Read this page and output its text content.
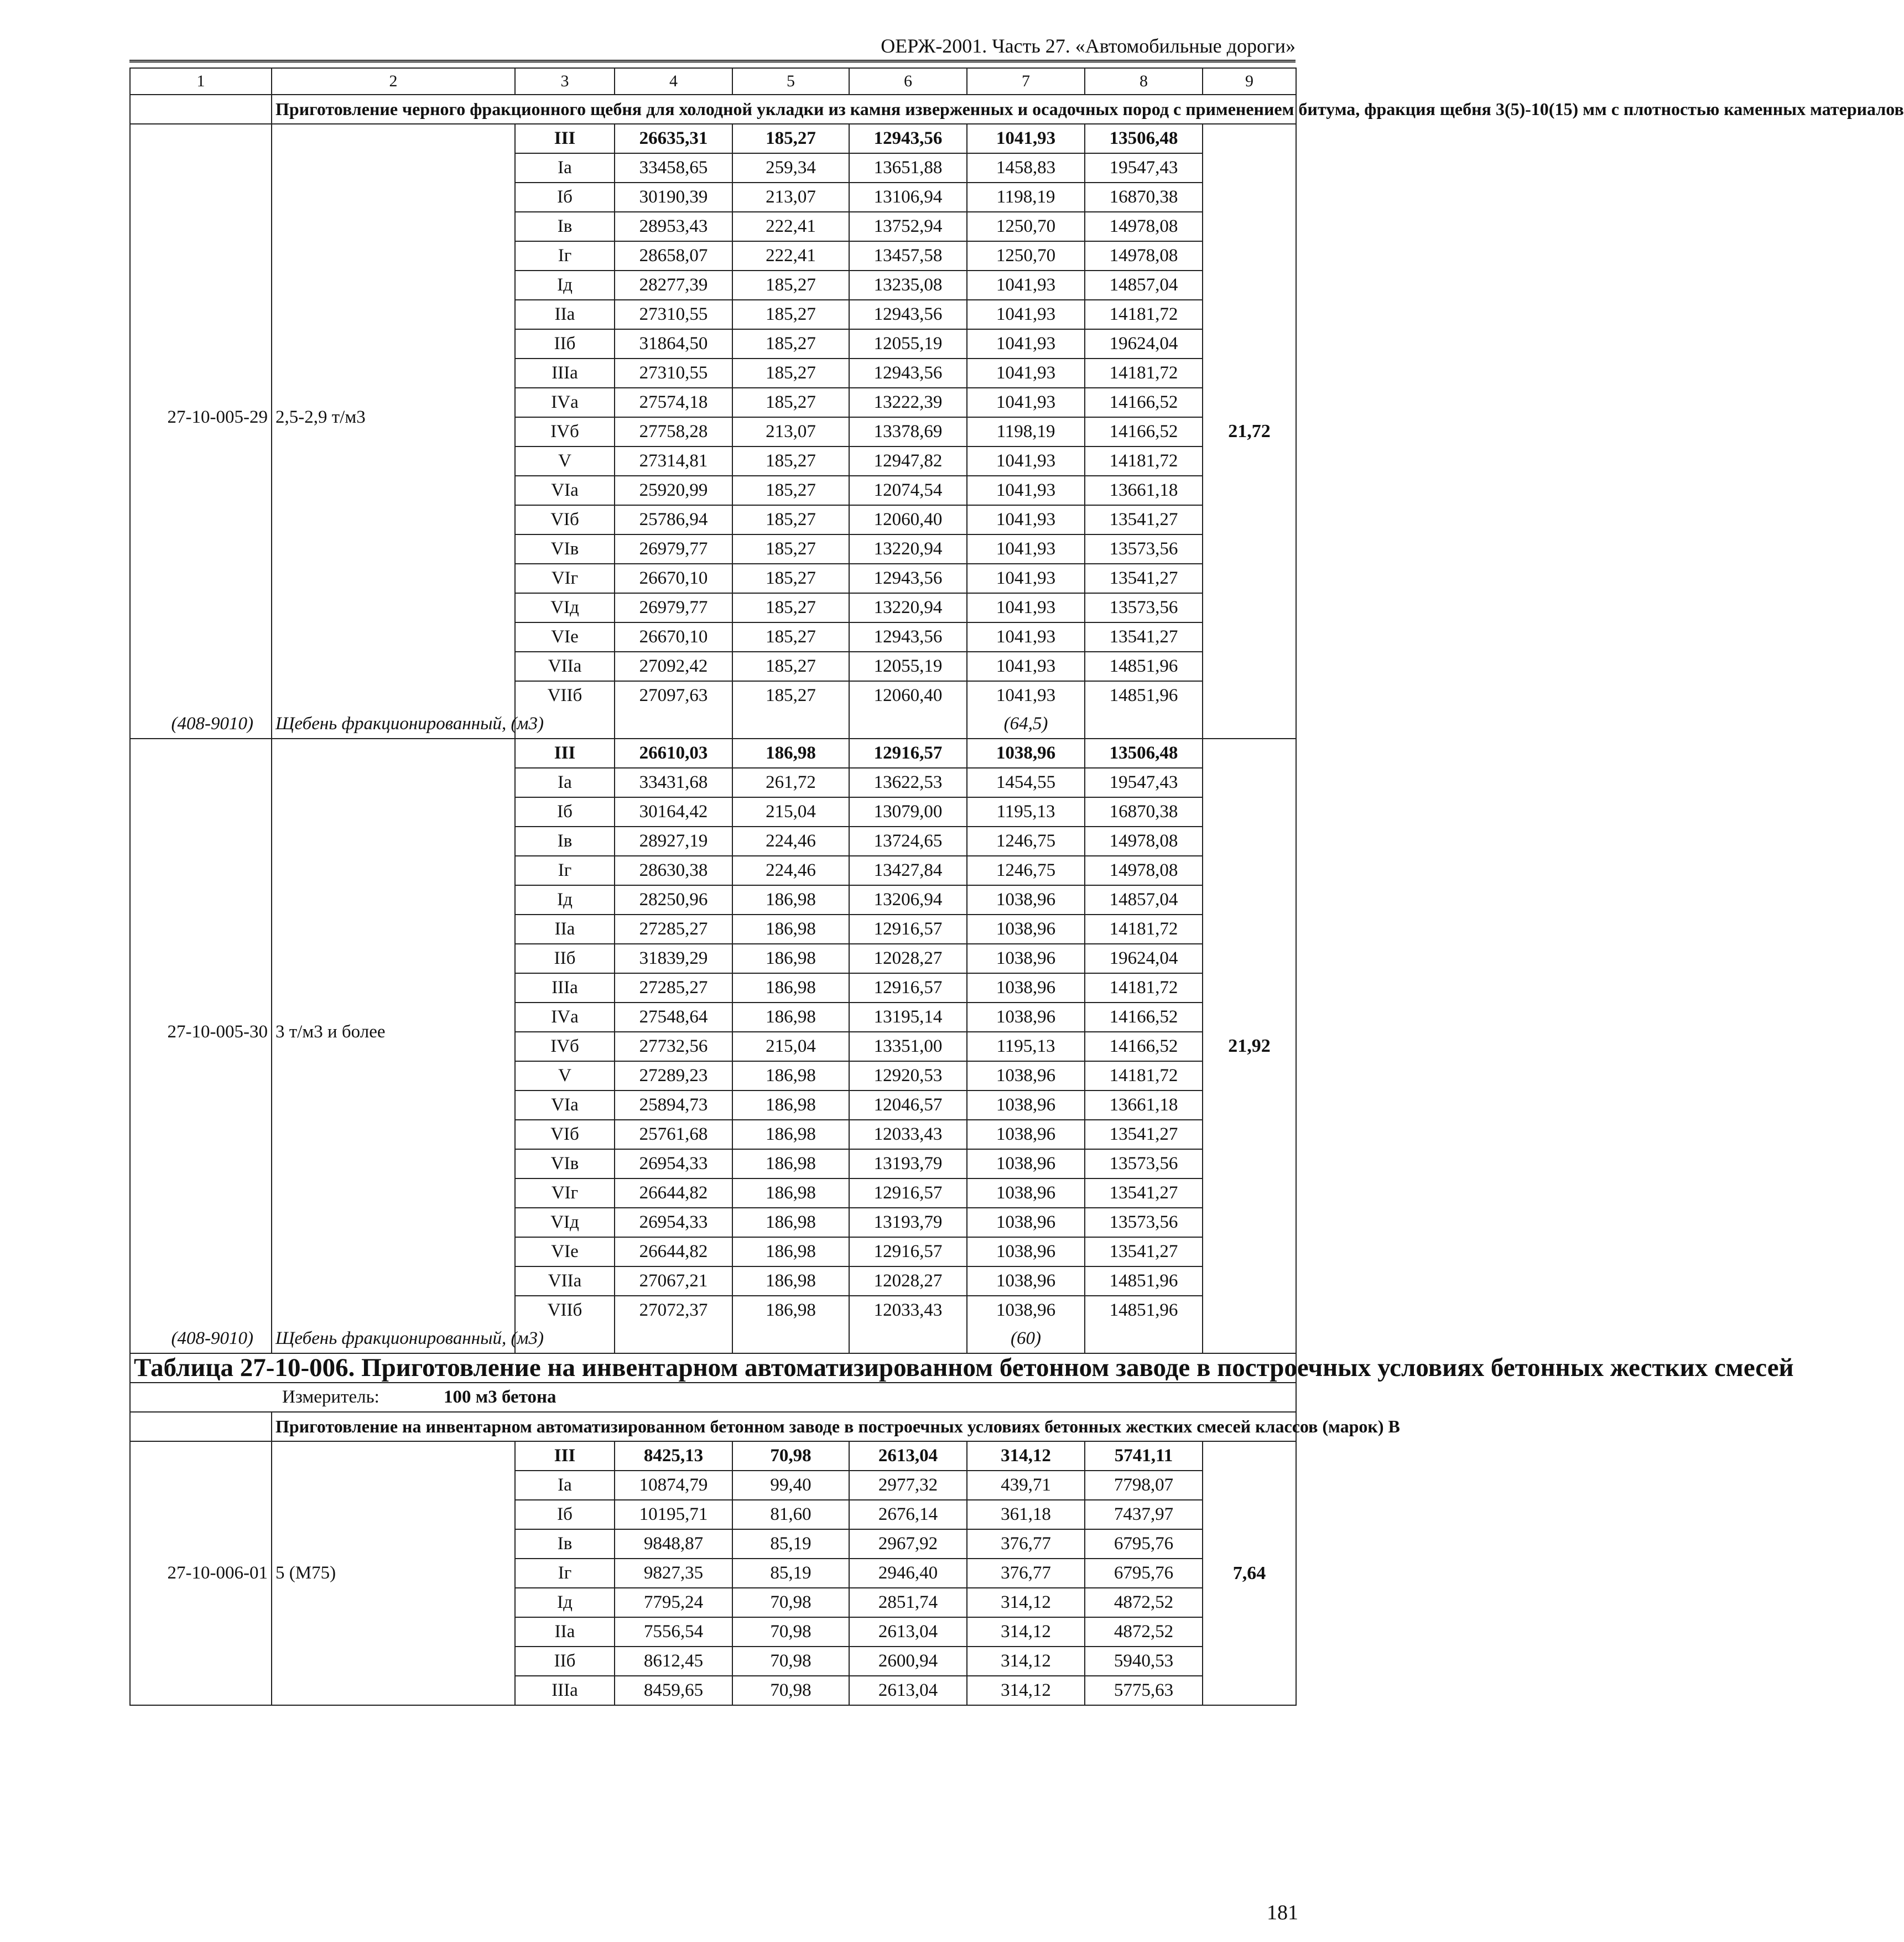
ОЕРЖ-2001. Часть 27. «Автомобильные дороги»
1	2	3	4	5	6	7	8	9
	Приготовление черного фракционного щебня для холодной укладки из камня изверженных и осадочных пород с применением битума, фракция щебня 3(5)-10(15) мм с плотностью каменных материалов							
27-10-005-29	2,5-2,9 т/м3	III	26635,31	185,27	12943,56	1041,93	13506,48	21,72
		Iа	33458,65	259,34	13651,88	1458,83	19547,43	
		Iб	30190,39	213,07	13106,94	1198,19	16870,38	
		Iв	28953,43	222,41	13752,94	1250,70	14978,08	
		Iг	28658,07	222,41	13457,58	1250,70	14978,08	
		Iд	28277,39	185,27	13235,08	1041,93	14857,04	
		IIа	27310,55	185,27	12943,56	1041,93	14181,72	
		IIб	31864,50	185,27	12055,19	1041,93	19624,04	
		IIIа	27310,55	185,27	12943,56	1041,93	14181,72	
		IVа	27574,18	185,27	13222,39	1041,93	14166,52	
		IVб	27758,28	213,07	13378,69	1198,19	14166,52	
		V	27314,81	185,27	12947,82	1041,93	14181,72	
		VIа	25920,99	185,27	12074,54	1041,93	13661,18	
		VIб	25786,94	185,27	12060,40	1041,93	13541,27	
		VIв	26979,77	185,27	13220,94	1041,93	13573,56	
		VIг	26670,10	185,27	12943,56	1041,93	13541,27	
		VIд	26979,77	185,27	13220,94	1041,93	13573,56	
		VIе	26670,10	185,27	12943,56	1041,93	13541,27	
		VIIа	27092,42	185,27	12055,19	1041,93	14851,96	
		VIIб	27097,63	185,27	12060,40	1041,93	14851,96	
(408-9010)	Щебень фракционированный, (м3)					(64,5)		
27-10-005-30	3 т/м3 и более	III	26610,03	186,98	12916,57	1038,96	13506,48	21,92
		Iа	33431,68	261,72	13622,53	1454,55	19547,43	
		Iб	30164,42	215,04	13079,00	1195,13	16870,38	
		Iв	28927,19	224,46	13724,65	1246,75	14978,08	
		Iг	28630,38	224,46	13427,84	1246,75	14978,08	
		Iд	28250,96	186,98	13206,94	1038,96	14857,04	
		IIа	27285,27	186,98	12916,57	1038,96	14181,72	
		IIб	31839,29	186,98	12028,27	1038,96	19624,04	
		IIIа	27285,27	186,98	12916,57	1038,96	14181,72	
		IVа	27548,64	186,98	13195,14	1038,96	14166,52	
		IVб	27732,56	215,04	13351,00	1195,13	14166,52	
		V	27289,23	186,98	12920,53	1038,96	14181,72	
		VIа	25894,73	186,98	12046,57	1038,96	13661,18	
		VIб	25761,68	186,98	12033,43	1038,96	13541,27	
		VIв	26954,33	186,98	13193,79	1038,96	13573,56	
		VIг	26644,82	186,98	12916,57	1038,96	13541,27	
		VIд	26954,33	186,98	13193,79	1038,96	13573,56	
		VIе	26644,82	186,98	12916,57	1038,96	13541,27	
		VIIа	27067,21	186,98	12028,27	1038,96	14851,96	
		VIIб	27072,37	186,98	12033,43	1038,96	14851,96	
(408-9010)	Щебень фракционированный, (м3)					(60)		
Таблица 27-10-006. Приготовление на инвентарном автоматизированном бетонном заводе в построечных условиях бетонных жестких смесей								
Измеритель: 100 м3 бетона								
	Приготовление на инвентарном автоматизированном бетонном заводе в построечных условиях бетонных жестких смесей классов (марок) В							
27-10-006-01	5 (М75)	III	8425,13	70,98	2613,04	314,12	5741,11	7,64
		Iа	10874,79	99,40	2977,32	439,71	7798,07	
		Iб	10195,71	81,60	2676,14	361,18	7437,97	
		Iв	9848,87	85,19	2967,92	376,77	6795,76	
		Iг	9827,35	85,19	2946,40	376,77	6795,76	
		Iд	7795,24	70,98	2851,74	314,12	4872,52	
		IIа	7556,54	70,98	2613,04	314,12	4872,52	
		IIб	8612,45	70,98	2600,94	314,12	5940,53	
		IIIа	8459,65	70,98	2613,04	314,12	5775,63	
181
